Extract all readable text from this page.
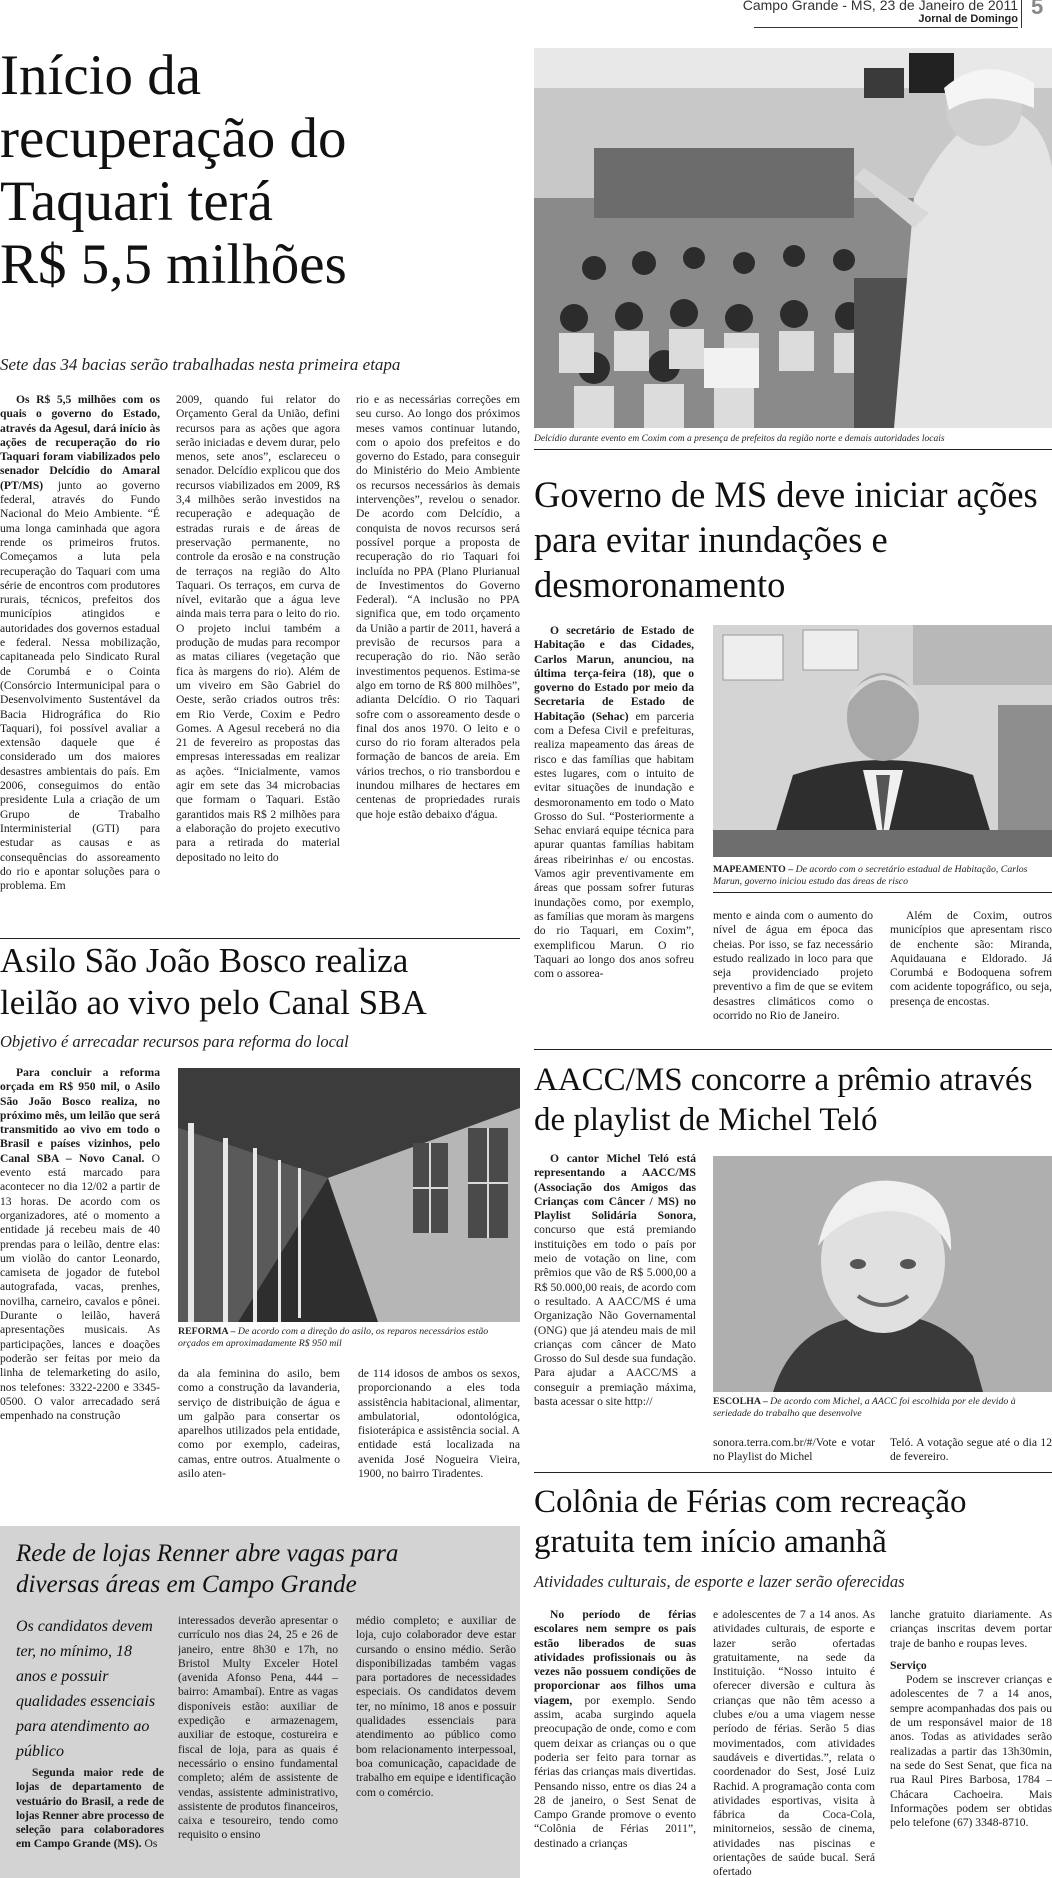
Campo Grande - MS, 23 de Janeiro de 2011
Jornal de Domingo 5
Início da
recuperação do
Taquari terá
R$ 5,5 milhões
Sete das 34 bacias serão trabalhadas nesta primeira etapa

Os R$ 5,5 milhões com os quais o governo do Estado, através da Agesul, dará início às ações de recuperação do rio Taquari foram viabilizados pelo senador Delcídio do Amaral (PT/MS) junto ao governo federal, através do Fundo Nacional do Meio Ambiente. “É uma longa caminhada que agora rende os primeiros frutos. Começamos a luta pela recuperação do Taquari com uma série de encontros com produtores rurais, técnicos, prefeitos dos municípios atingidos e autoridades dos governos estadual e federal. Nessa mobilização, capitaneada pelo Sindicato Rural de Corumbá e o Cointa (Consórcio Intermunicipal para o Desenvolvimento Sustentável da Bacia Hidrográfica do Rio Taquari), foi possível avaliar a extensão daquele que é considerado um dos maiores desastres ambientais do país. Em 2006, conseguimos do então presidente Lula a criação de um Grupo de Trabalho Interministerial (GTI) para estudar as causas e as consequências do assoreamento do rio e apontar soluções para o problema. Em

2009, quando fui relator do Orçamento Geral da União, defini recursos para as ações que agora serão iniciadas e devem durar, pelo menos, sete anos”, esclareceu o senador. Delcídio explicou que dos recursos viabilizados em 2009, R$ 3,4 milhões serão investidos na recuperação e adequação de estradas rurais e de áreas de preservação permanente, no controle da erosão e na construção de terraços na região do Alto Taquari. Os terraços, em curva de nível, evitarão que a água leve ainda mais terra para o leito do rio. O projeto inclui também a produção de mudas para recompor as matas ciliares (vegetação que fica às margens do rio). Além de um viveiro em São Gabriel do Oeste, serão criados outros três: em Rio Verde, Coxim e Pedro Gomes. A Agesul receberá no dia 21 de fevereiro as propostas das empresas interessadas em realizar as ações. “Inicialmente, vamos agir em sete das 34 microbacias que formam o Taquari. Estão garantidos mais R$ 2 milhões para a elaboração do projeto executivo para a retirada do material depositado no leito do

rio e as necessárias correções em seu curso. Ao longo dos próximos meses vamos continuar lutando, com o apoio dos prefeitos e do governo do Estado, para conseguir do Ministério do Meio Ambiente os recursos necessários às demais intervenções”, revelou o senador. De acordo com Delcídio, a conquista de novos recursos será possível porque a proposta de recuperação do rio Taquari foi incluída no PPA (Plano Plurianual de Investimentos do Governo Federal). “A inclusão no PPA significa que, em todo orçamento da União a partir de 2011, haverá a previsão de recursos para a recuperação do rio. Não serão investimentos pequenos. Estima-se algo em torno de R$ 800 milhões”, adianta Delcídio. O rio Taquari sofre com o assoreamento desde o final dos anos 1970. O leito e o curso do rio foram alterados pela formação de bancos de areia. Em vários trechos, o rio transbordou e inundou milhares de hectares em centenas de propriedades rurais que hoje estão debaixo d'água.

Delcídio durante evento em Coxim com a presença de prefeitos da região norte e demais autoridades locais
Governo de MS deve iniciar ações para evitar inundações e desmoronamento

O secretário de Estado de Habitação e das Cidades, Carlos Marun, anunciou, na última terça-feira (18), que o governo do Estado por meio da Secretaria de Estado de Habitação (Sehac) em parceria com a Defesa Civil e prefeituras, realiza mapeamento das áreas de risco e das famílias que habitam estes lugares, com o intuito de evitar situações de inundação e desmoronamento em todo o Mato Grosso do Sul. “Posteriormente a Sehac enviará equipe técnica para apurar quantas famílias habitam áreas ribeirinhas e/ ou encostas. Vamos agir preventivamente em áreas que possam sofrer futuras inundações como, por exemplo, as famílias que moram às margens do rio Taquari, em Coxim”, exemplificou Marun. O rio Taquari ao longo dos anos sofreu com o assorea-

MAPEAMENTO – De acordo com o secretário estadual de Habitação, Carlos Marun, governo iniciou estudo das áreas de risco

mento e ainda com o aumento do nível de água em época das cheias. Por isso, se faz necessário estudo realizado in loco para que seja providenciado projeto preventivo a fim de que se evitem desastres climáticos como o ocorrido no Rio de Janeiro.

Além de Coxim, outros municípios que apresentam risco de enchente são: Miranda, Aquidauana e Eldorado. Já Corumbá e Bodoquena sofrem com acidente topográfico, ou seja, presença de encostas.

Asilo São João Bosco realiza
leilão ao vivo pelo Canal SBA
Objetivo é arrecadar recursos para reforma do local

Para concluir a reforma orçada em R$ 950 mil, o Asilo São João Bosco realiza, no próximo mês, um leilão que será transmitido ao vivo em todo o Brasil e países vizinhos, pelo Canal SBA – Novo Canal. O evento está marcado para acontecer no dia 12/02 a partir de 13 horas. De acordo com os organizadores, até o momento a entidade já recebeu mais de 40 prendas para o leilão, dentre elas: um violão do cantor Leonardo, camiseta de jogador de futebol autografada, vacas, prenhes, novilha, carneiro, cavalos e pônei. Durante o leilão, haverá apresentações musicais. As participações, lances e doações poderão ser feitas por meio da linha de telemarketing do asilo, nos telefones: 3322-2200 e 3345-0500. O valor arrecadado será empenhado na construção

REFORMA – De acordo com a direção do asilo, os reparos necessários estão orçados em aproximadamente R$ 950 mil

da ala feminina do asilo, bem como a construção da lavanderia, serviço de distribuição de água e um galpão para consertar os aparelhos utilizados pela entidade, como por exemplo, cadeiras, camas, entre outros. Atualmente o asilo aten-

de 114 idosos de ambos os sexos, proporcionando a eles toda assistência habitacional, alimentar, ambulatorial, odontológica, fisioterápica e assistência social. A entidade está localizada na avenida José Nogueira Vieira, 1900, no bairro Tiradentes.

AACC/MS concorre a prêmio através de playlist de Michel Teló

O cantor Michel Teló está representando a AACC/MS (Associação dos Amigos das Crianças com Câncer / MS) no Playlist Solidária Sonora, concurso que está premiando instituições em todo o país por meio de votação on line, com prêmios que vão de R$ 5.000,00 a R$ 50.000,00 reais, de acordo com o resultado. A AACC/MS é uma Organização Não Governamental (ONG) que já atendeu mais de mil crianças com câncer de Mato Grosso do Sul desde sua fundação. Para ajudar a AACC/MS a conseguir a premiação máxima, basta acessar o site http://	ESCOLHA – De acordo com Michel, a AACC foi escolhida por ele devido à seriedade do trabalho que desenvolve

sonora.terra.com.br/#/Vote e votar no Playlist do Michel

Teló. A votação segue até o dia 12 de fevereiro.

Rede de lojas Renner abre vagas para diversas áreas em Campo Grande
Os candidatos devem ter, no mínimo, 18 anos e possuir qualidades essenciais para atendimento ao público

Segunda maior rede de lojas de departamento de vestuário do Brasil, a rede de lojas Renner abre processo de seleção para colaboradores em Campo Grande (MS). Os

interessados deverão apresentar o currículo nos dias 24, 25 e 26 de janeiro, entre 8h30 e 17h, no Bristol Multy Exceler Hotel (avenida Afonso Pena, 444 – bairro: Amambaí). Entre as vagas disponíveis estão: auxiliar de expedição e armazenagem, auxiliar de estoque, costureira e fiscal de loja, para as quais é necessário o ensino fundamental completo; além de assistente de vendas, assistente administrativo, assistente de produtos financeiros, caixa e tesoureiro, tendo como requisito o ensino

médio completo; e auxiliar de loja, cujo colaborador deve estar cursando o ensino médio. Serão disponibilizadas também vagas para portadores de necessidades especiais. Os candidatos devem ter, no mínimo, 18 anos e possuir qualidades essenciais para atendimento ao público como bom relacionamento interpessoal, boa comunicação, capacidade de trabalho em equipe e identificação com o comércio.

Colônia de Férias com recreação gratuita tem início amanhã
Atividades culturais, de esporte e lazer serão oferecidas

No período de férias escolares nem sempre os pais estão liberados de suas atividades profissionais ou às vezes não possuem condições de proporcionar aos filhos uma viagem, por exemplo. Sendo assim, acaba surgindo aquela preocupação de onde, como e com quem deixar as crianças ou o que poderia ser feito para tornar as férias das crianças mais divertidas. Pensando nisso, entre os dias 24 a 28 de janeiro, o Sest Senat de Campo Grande promove o evento “Colônia de Férias 2011”, destinado a crianças

e adolescentes de 7 a 14 anos. As atividades culturais, de esporte e lazer serão ofertadas gratuitamente, na sede da Instituição. “Nosso intuito é oferecer diversão e cultura às crianças que não têm acesso a clubes e/ou a uma viagem nesse período de férias. Serão 5 dias movimentados, com atividades saudáveis e divertidas.”, relata o coordenador do Sest, José Luiz Rachid. A programação conta com atividades esportivas, visita à fábrica da Coca-Cola, minitorneios, sessão de cinema, atividades nas piscinas e orientações de saúde bucal. Será ofertado

lanche gratuito diariamente. As crianças inscritas devem portar traje de banho e roupas leves.

Serviço

Podem se inscrever crianças e adolescentes de 7 a 14 anos, sempre acompanhadas dos pais ou de um responsável maior de 18 anos. Todas as atividades serão realizadas a partir das 13h30min, na sede do Sest Senat, que fica na rua Raul Pires Barbosa, 1784 – Chácara Cachoeira. Mais Informações podem ser obtidas pelo telefone (67) 3348-8710.
